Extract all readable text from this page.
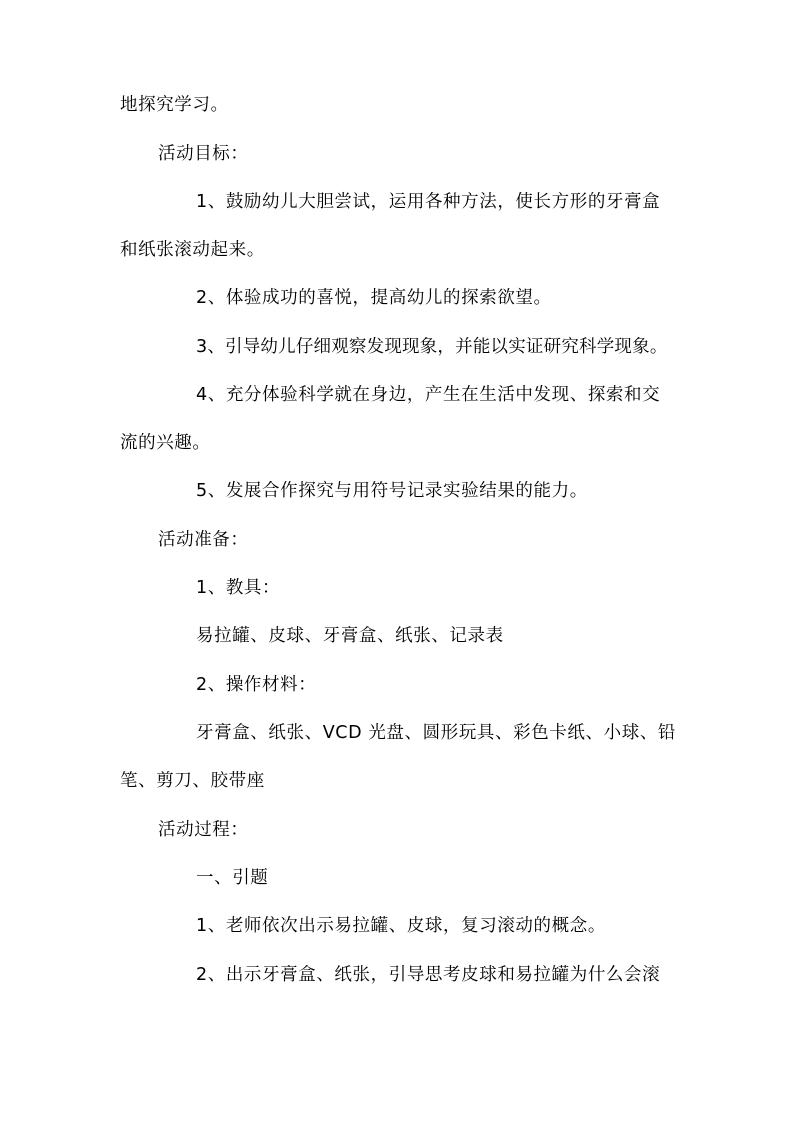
地探究学习。
活动目标：
1、鼓励幼儿大胆尝试，运用各种方法，使长方形的牙膏盒
和纸张滚动起来。
2、体验成功的喜悦，提高幼儿的探索欲望。
3、引导幼儿仔细观察发现现象，并能以实证研究科学现象。
4、充分体验科学就在身边，产生在生活中发现、探索和交
流的兴趣。
5、发展合作探究与用符号记录实验结果的能力。
活动准备：
1、教具：
易拉罐、皮球、牙膏盒、纸张、记录表
2、操作材料：
牙膏盒、纸张、VCD 光盘、圆形玩具、彩色卡纸、小球、铅
笔、剪刀、胶带座
活动过程：
一、引题
1、老师依次出示易拉罐、皮球，复习滚动的概念。
2、出示牙膏盒、纸张，引导思考皮球和易拉罐为什么会滚
